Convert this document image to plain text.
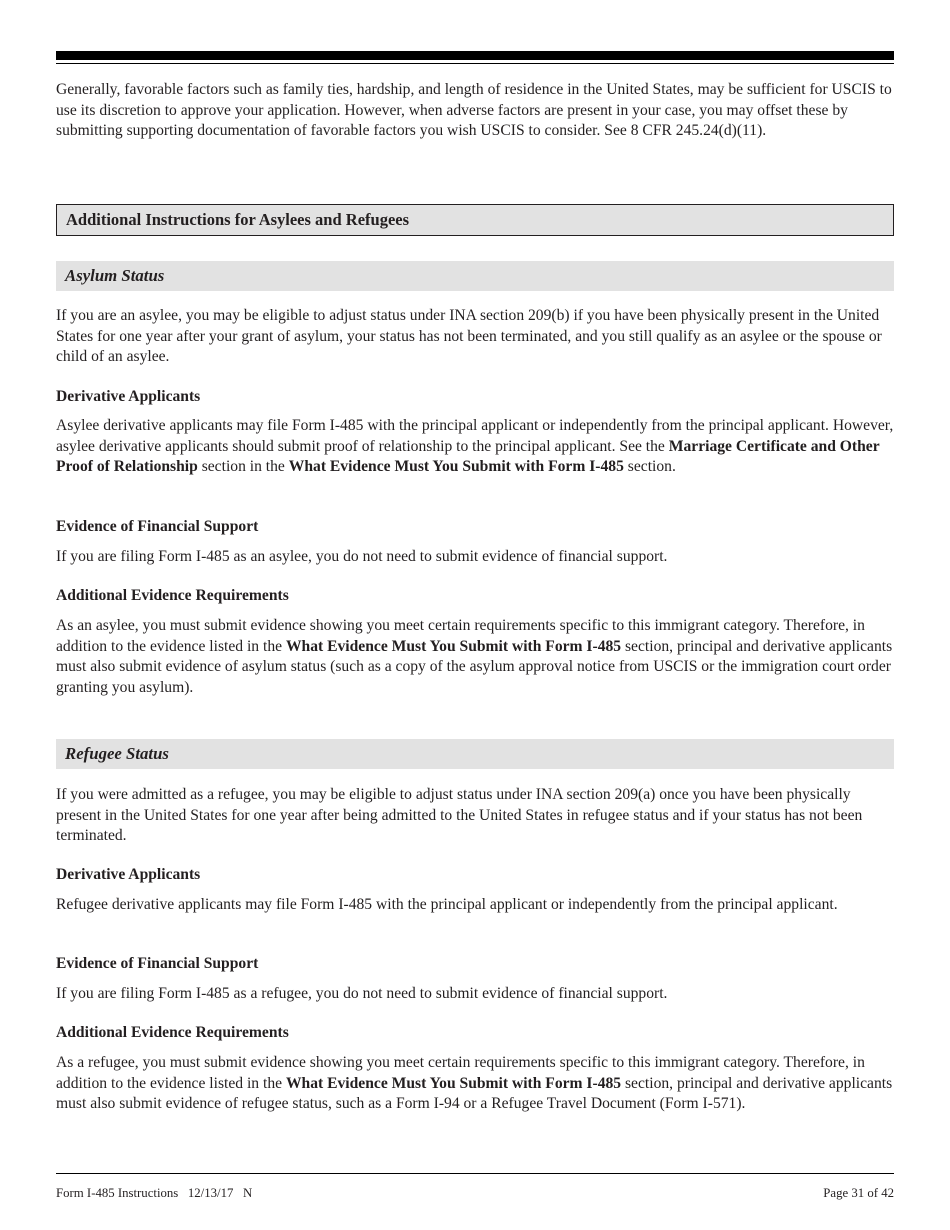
Generally, favorable factors such as family ties, hardship, and length of residence in the United States, may be sufficient for USCIS to use its discretion to approve your application. However, when adverse factors are present in your case, you may offset these by submitting supporting documentation of favorable factors you wish USCIS to consider. See 8 CFR 245.24(d)(11).

Additional Instructions for Asylees and Refugees
Asylum Status

If you are an asylee, you may be eligible to adjust status under INA section 209(b) if you have been physically present in the United States for one year after your grant of asylum, your status has not been terminated, and you still qualify as an asylee or the spouse or child of an asylee.

Derivative Applicants

Asylee derivative applicants may file Form I-485 with the principal applicant or independently from the principal applicant. However, asylee derivative applicants should submit proof of relationship to the principal applicant. See the Marriage Certificate and Other Proof of Relationship section in the What Evidence Must You Submit with Form I-485 section.

Evidence of Financial Support

If you are filing Form I-485 as an asylee, you do not need to submit evidence of financial support.

Additional Evidence Requirements

As an asylee, you must submit evidence showing you meet certain requirements specific to this immigrant category. Therefore, in addition to the evidence listed in the What Evidence Must You Submit with Form I-485 section, principal and derivative applicants must also submit evidence of asylum status (such as a copy of the asylum approval notice from USCIS or the immigration court order granting you asylum).

Refugee Status

If you were admitted as a refugee, you may be eligible to adjust status under INA section 209(a) once you have been physically present in the United States for one year after being admitted to the United States in refugee status and if your status has not been terminated.

Derivative Applicants

Refugee derivative applicants may file Form I-485 with the principal applicant or independently from the principal applicant.

Evidence of Financial Support

If you are filing Form I-485 as a refugee, you do not need to submit evidence of financial support.

Additional Evidence Requirements

As a refugee, you must submit evidence showing you meet certain requirements specific to this immigrant category. Therefore, in addition to the evidence listed in the What Evidence Must You Submit with Form I-485 section, principal and derivative applicants must also submit evidence of refugee status, such as a Form I-94 or a Refugee Travel Document (Form I-571).

Form I-485 Instructions   12/13/17   N	Page 31 of 42
